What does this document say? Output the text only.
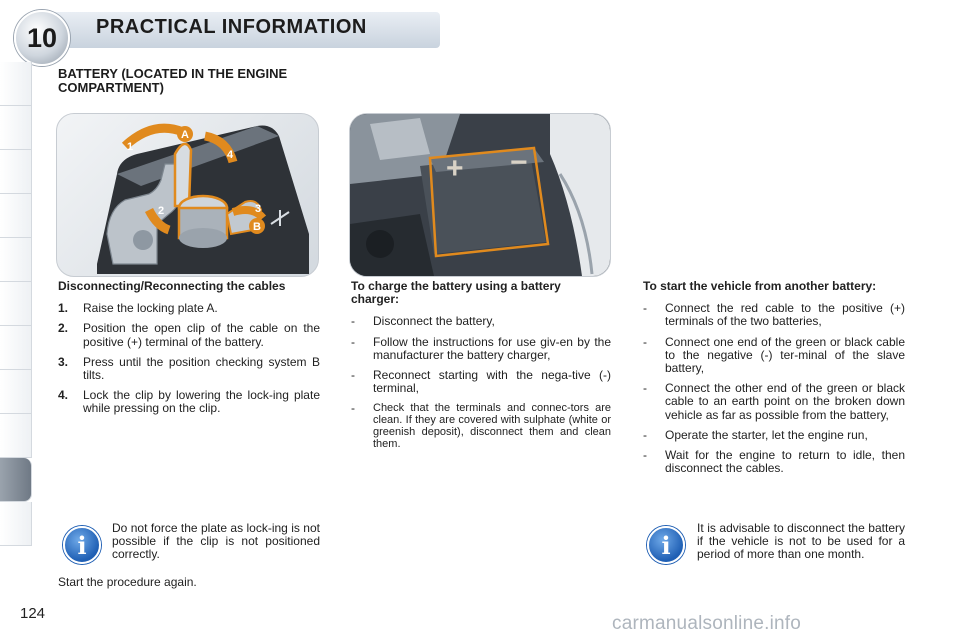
10	PRACTICAL INFORMATION
BATTERY (LOCATED IN THE ENGINE COMPARTMENT)
A
B
1
2	3
4	+ −
Disconnecting/Reconnecting the cables
1.	Raise the locking plate A.
2.	Position the open clip of the cable on the positive (+) terminal of the battery.
3.	Press until the position checking system B tilts.
4.	Lock the clip by lowering the lock-ing plate while pressing on the clip.
To charge the battery using a battery charger:
-	Disconnect the battery,
-	Follow the instructions for use giv-en by the manufacturer the battery charger,
-	Reconnect starting with the nega-tive (-) terminal,
-	Check that the terminals and connec-tors are clean. If they are covered with sulphate (white or greenish deposit), disconnect them and clean them.
To start the vehicle from another battery:
-	Connect the red cable to the positive (+) terminals of the two batteries,
-	Connect one end of the green or black cable to the negative (-) ter-minal of the slave battery,
-	Connect the other end of the green or black cable to an earth point on the broken down vehicle as far as possible from the battery,
-	Operate the starter, let the engine run,
-	Wait for the engine to return to idle, then disconnect the cables.
i
Do not force the plate as lock-ing is not possible if the clip is not positioned correctly.
Start the procedure again.
i
It is advisable to disconnect the battery if the vehicle is not to be used for a period of more than one month.
124	carmanualsonline.info
